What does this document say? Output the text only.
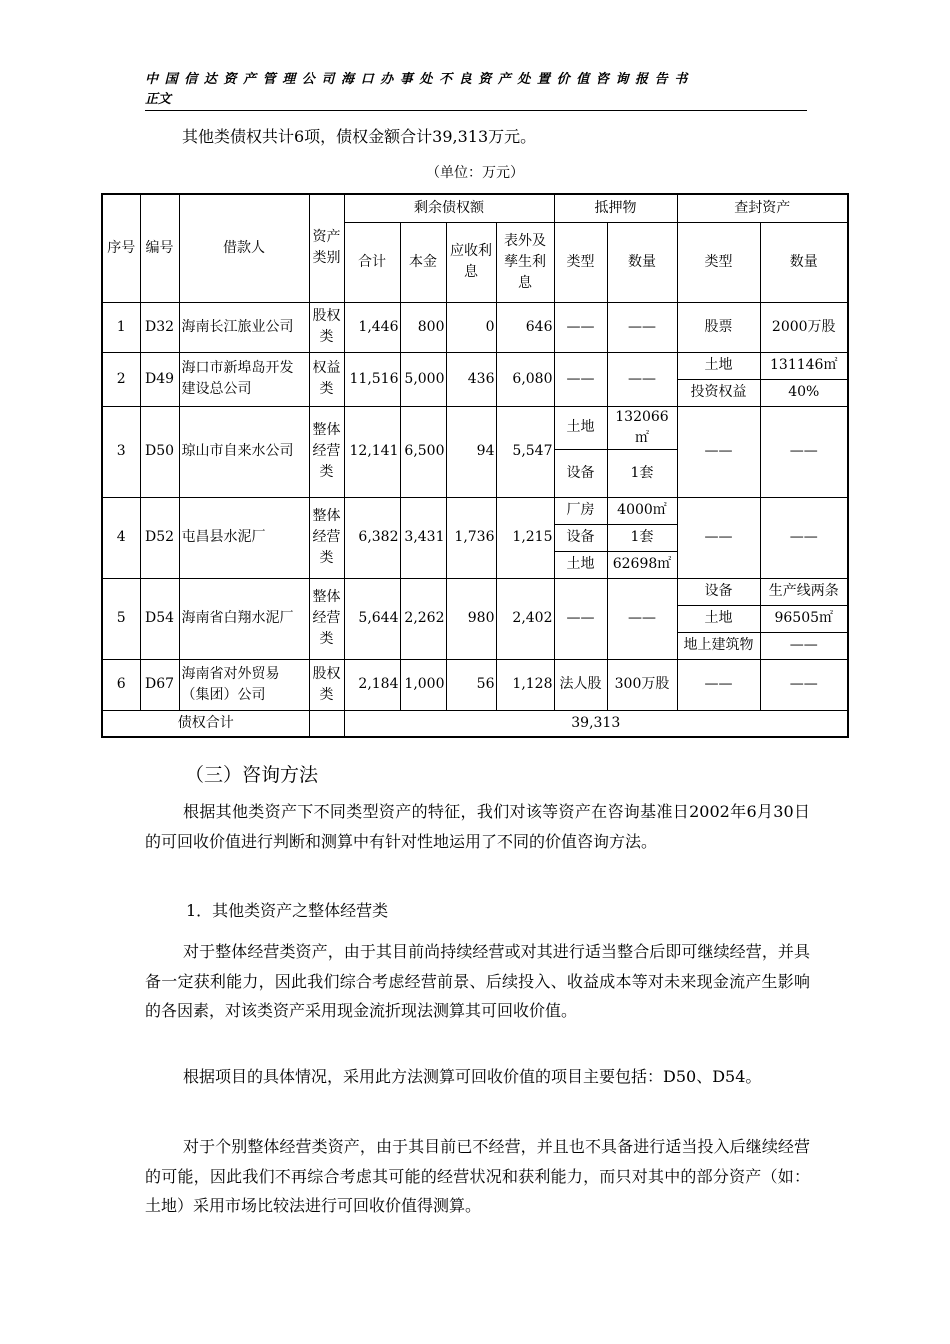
中国信达资产管理公司海口办事处不良资产处置价值咨询报告书
正文
其他类债权共计6项，债权金额合计39,313万元。
（单位：万元）
序号	编号	借款人	资产类别	剩余债权额				抵押物		查封资产	
				合计	本金	应收利息	表外及孳生利息	类型	数量	类型	数量
1	D32	海南长江旅业公司	股权类	1,446	800	0	646	——	——	股票	2000万股
2	D49	海口市新埠岛开发建设总公司	权益类	11,516	5,000	436	6,080	——	——	土地	131146㎡
										投资权益	40%
3	D50	琼山市自来水公司	整体经营类	12,141	6,500	94	5,547	土地	132066㎡	——	——
								设备	1套		
4	D52	屯昌县水泥厂	整体经营类	6,382	3,431	1,736	1,215	厂房	4000㎡	——	——
								设备	1套		
								土地	62698㎡		
5	D54	海南省白翔水泥厂	整体经营类	5,644	2,262	980	2,402	——	——	设备	生产线两条
										土地	96505㎡
										地上建筑物	——
6	D67	海南省对外贸易（集团）公司	股权类	2,184	1,000	56	1,128	法人股	300万股	——	——
债权合计				39,313							
（三）咨询方法
根据其他类资产下不同类型资产的特征，我们对该等资产在咨询基准日2002年6月30日的可回收价值进行判断和测算中有针对性地运用了不同的价值咨询方法。
1．其他类资产之整体经营类
对于整体经营类资产，由于其目前尚持续经营或对其进行适当整合后即可继续经营，并具备一定获利能力，因此我们综合考虑经营前景、后续投入、收益成本等对未来现金流产生影响的各因素，对该类资产采用现金流折现法测算其可回收价值。
根据项目的具体情况，采用此方法测算可回收价值的项目主要包括：D50、D54。
对于个别整体经营类资产，由于其目前已不经营，并且也不具备进行适当投入后继续经营的可能，因此我们不再综合考虑其可能的经营状况和获利能力，而只对其中的部分资产（如：土地）采用市场比较法进行可回收价值得测算。
